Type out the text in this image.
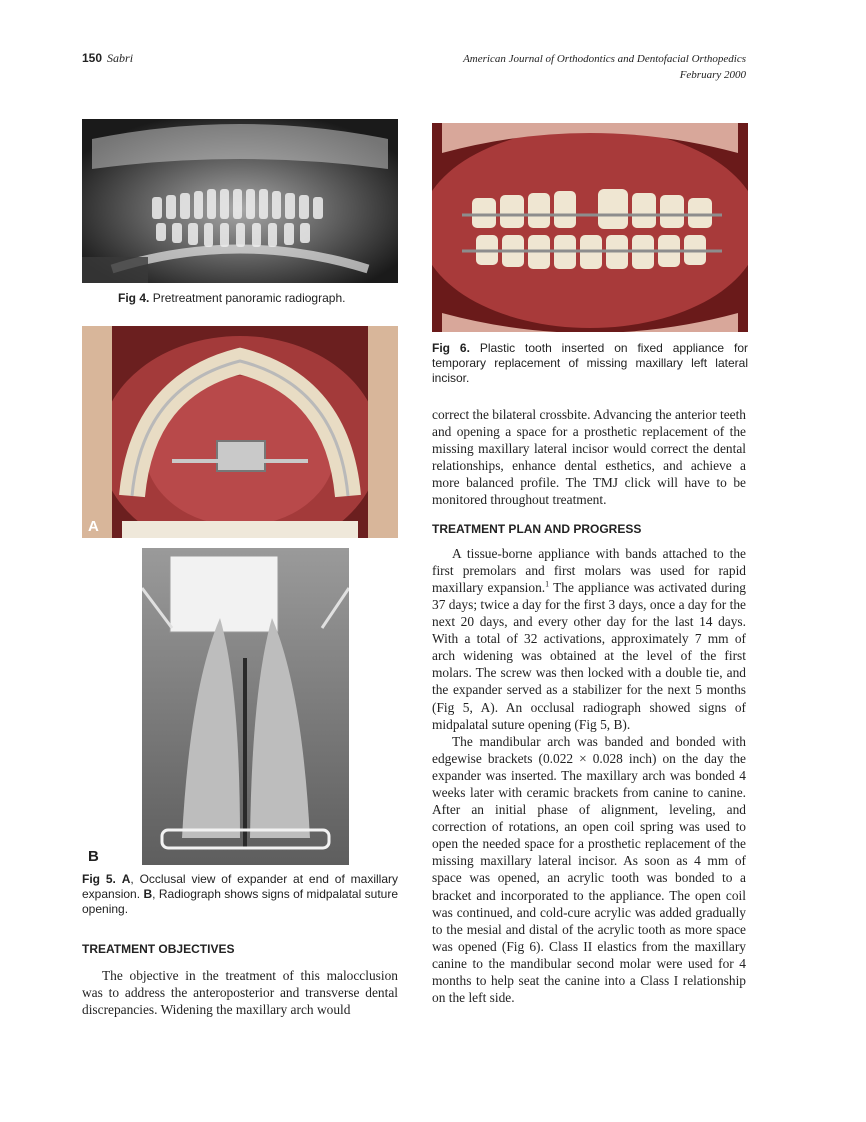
150 Sabri	American Journal of Orthodontics and Dentofacial Orthopedics
February 2000
Fig 4. Pretreatment panoramic radiograph.
A
B
Fig 5. A, Occlusal view of expander at end of maxillary expansion. B, Radiograph shows signs of midpalatal suture opening.

TREATMENT OBJECTIVES

The objective in the treatment of this malocclusion was to address the anteroposterior and transverse dental discrepancies. Widening the maxillary arch would

Fig 6. Plastic tooth inserted on fixed appliance for temporary replacement of missing maxillary left lateral incisor.

correct the bilateral crossbite. Advancing the anterior teeth and opening a space for a prosthetic replacement of the missing maxillary lateral incisor would correct the dental relationships, enhance dental esthetics, and achieve a more balanced profile. The TMJ click will have to be monitored throughout treatment.

TREATMENT PLAN AND PROGRESS

A tissue-borne appliance with bands attached to the first premolars and first molars was used for rapid maxillary expansion.$^1$ The appliance was activated during 37 days; twice a day for the first 3 days, once a day for the next 20 days, and every other day for the last 14 days. With a total of 32 activations, approximately 7 mm of arch widening was obtained at the level of the first molars. The screw was then locked with a double tie, and the expander served as a stabilizer for the next 5 months (Fig 5, A). An occlusal radiograph showed signs of midpalatal suture opening (Fig 5, B).

The mandibular arch was banded and bonded with edgewise brackets (0.022 × 0.028 inch) on the day the expander was inserted. The maxillary arch was bonded 4 weeks later with ceramic brackets from canine to canine. After an initial phase of alignment, leveling, and correction of rotations, an open coil spring was used to open the needed space for a prosthetic replacement of the missing maxillary lateral incisor. As soon as 4 mm of space was opened, an acrylic tooth was bonded to a bracket and incorporated to the appliance. The open coil was continued, and cold-cure acrylic was added gradually to the mesial and distal of the acrylic tooth as more space was opened (Fig 6). Class II elastics from the maxillary canine to the mandibular second molar were used for 4 months to help seat the canine into a Class I relationship on the left side.
